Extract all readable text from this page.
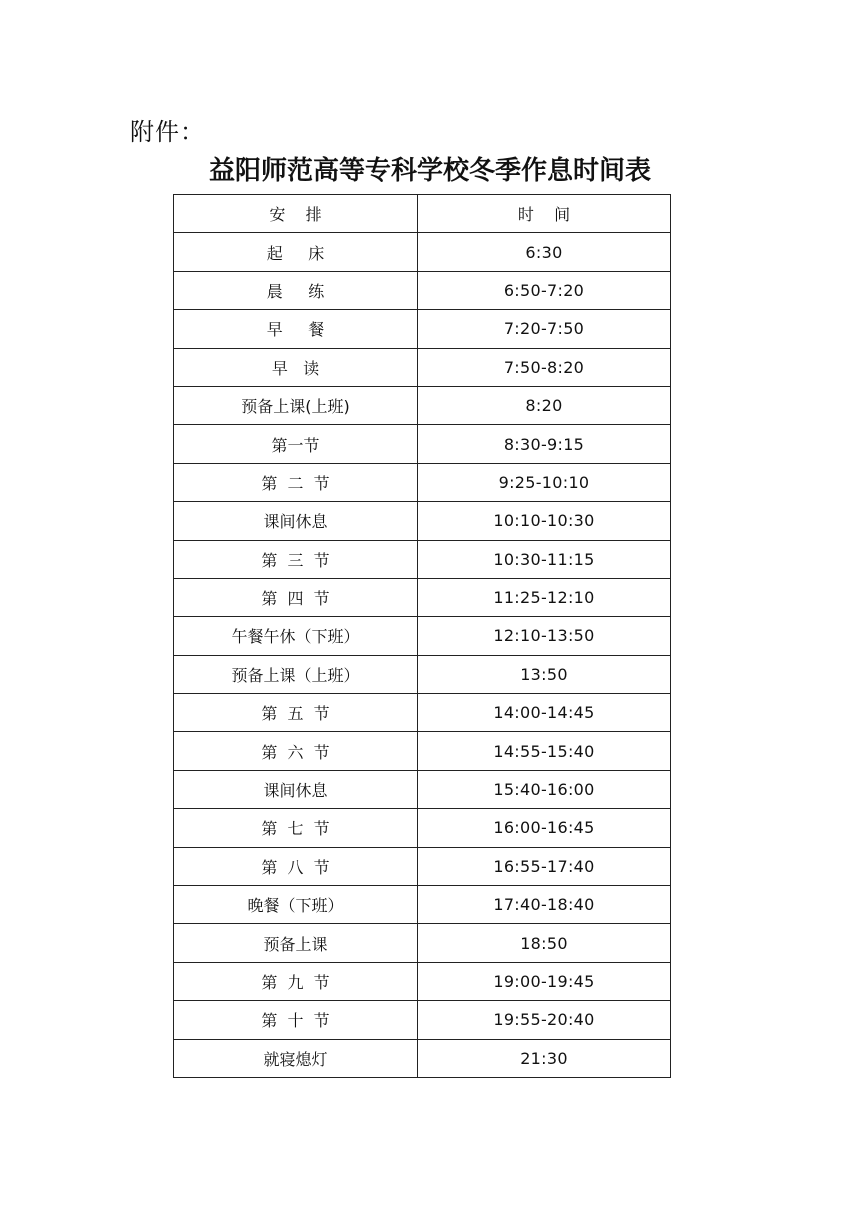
附件：
益阳师范高等专科学校冬季作息时间表
安    排	时    间
起     床	6:30
晨     练	6:50-7:20
早     餐	7:20-7:50
早   读	7:50-8:20
预备上课(上班)	8:20
第一节	8:30-9:15
第  二  节	9:25-10:10
课间休息	10:10-10:30
第  三  节	10:30-11:15
第  四  节	11:25-12:10
午餐午休（下班）	12:10-13:50
预备上课（上班）	13:50
第  五  节	14:00-14:45
第  六  节	14:55-15:40
课间休息	15:40-16:00
第  七  节	16:00-16:45
第  八  节	16:55-17:40
晚餐（下班）	17:40-18:40
预备上课	18:50
第  九  节	19:00-19:45
第  十  节	19:55-20:40
就寝熄灯	21:30
